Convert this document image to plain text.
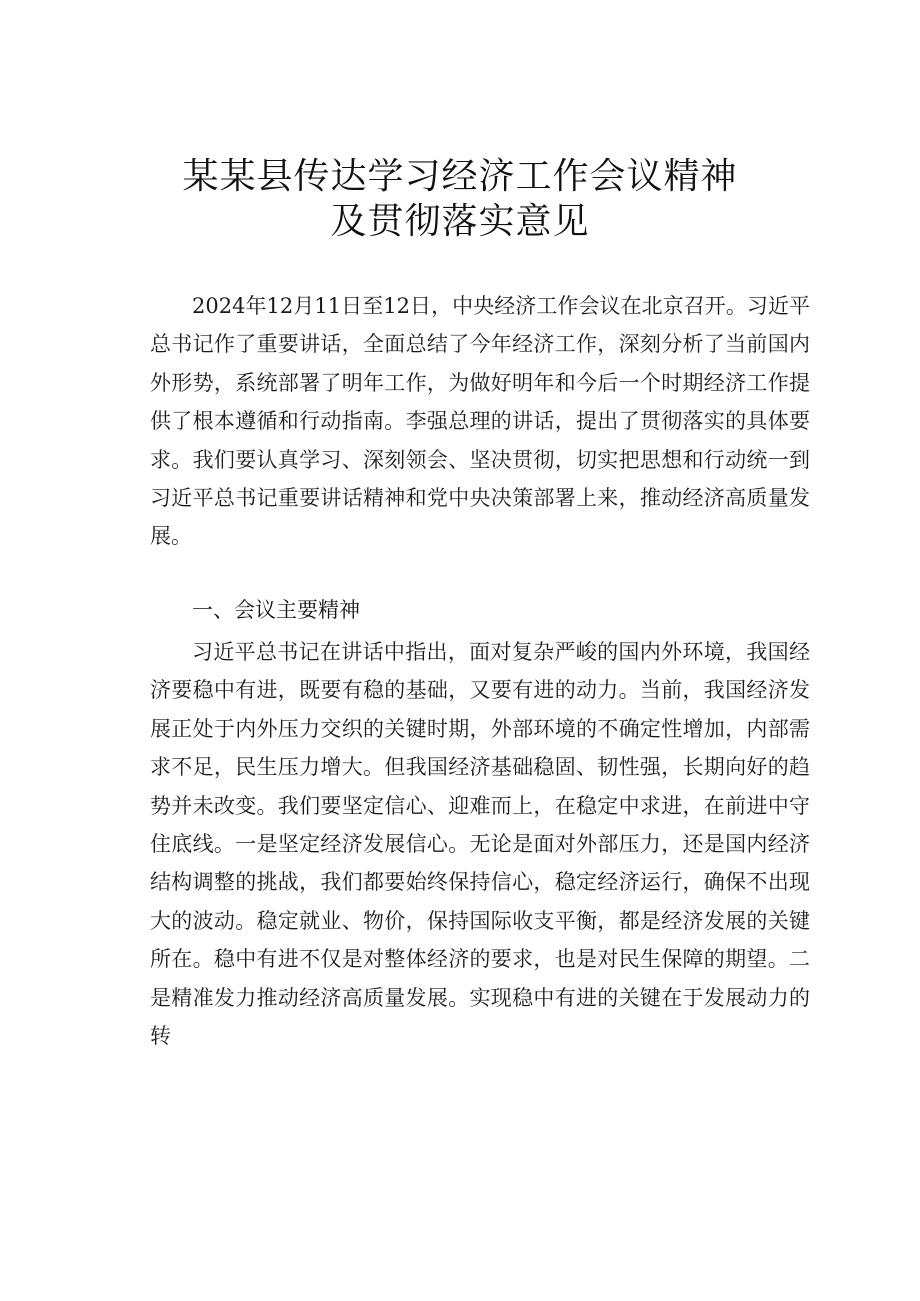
某某县传达学习经济工作会议精神
及贯彻落实意见
2024年12月11日至12日，中央经济工作会议在北京召开。习近平总书记作了重要讲话，全面总结了今年经济工作，深刻分析了当前国内外形势，系统部署了明年工作，为做好明年和今后一个时期经济工作提供了根本遵循和行动指南。李强总理的讲话，提出了贯彻落实的具体要求。我们要认真学习、深刻领会、坚决贯彻，切实把思想和行动统一到习近平总书记重要讲话精神和党中央决策部署上来，推动经济高质量发展。
一、会议主要精神
习近平总书记在讲话中指出，面对复杂严峻的国内外环境，我国经济要稳中有进，既要有稳的基础，又要有进的动力。当前，我国经济发展正处于内外压力交织的关键时期，外部环境的不确定性增加，内部需求不足，民生压力增大。但我国经济基础稳固、韧性强，长期向好的趋势并未改变。我们要坚定信心、迎难而上，在稳定中求进，在前进中守住底线。一是坚定经济发展信心。无论是面对外部压力，还是国内经济结构调整的挑战，我们都要始终保持信心，稳定经济运行，确保不出现大的波动。稳定就业、物价，保持国际收支平衡，都是经济发展的关键所在。稳中有进不仅是对整体经济的要求，也是对民生保障的期望。二是精准发力推动经济高质量发展。实现稳中有进的关键在于发展动力的转
